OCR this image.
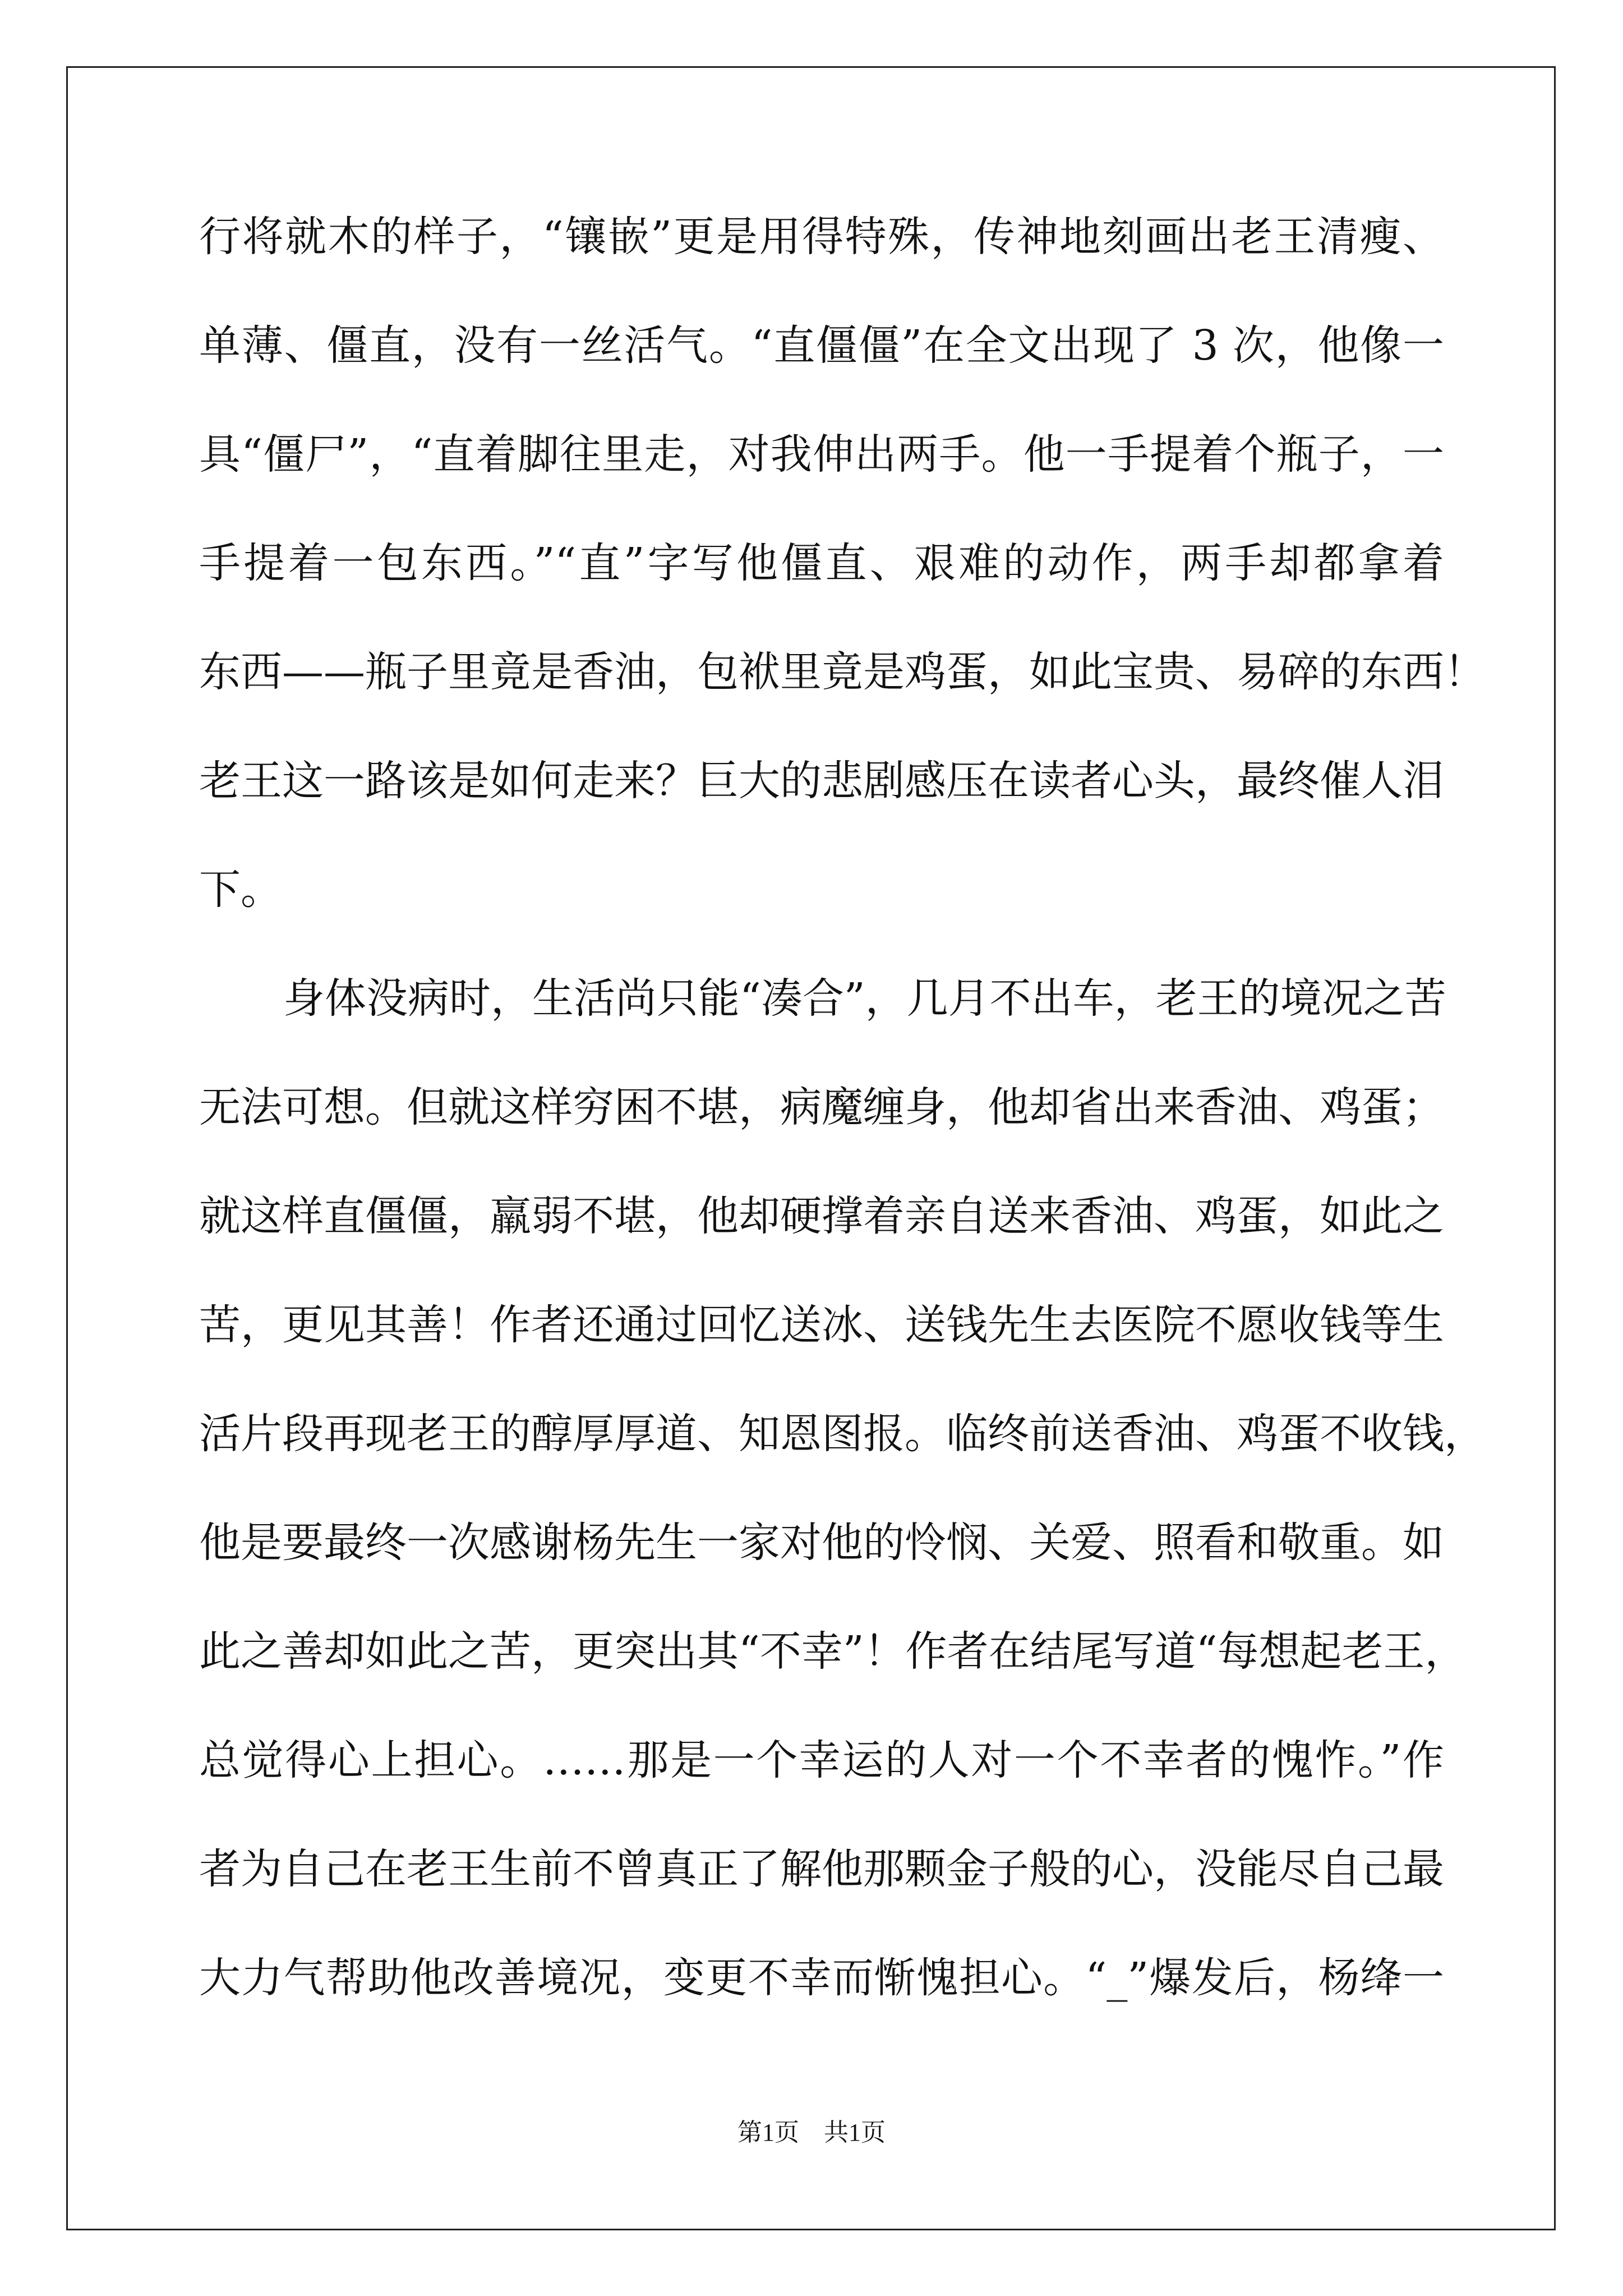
行将就木的样子，“镶嵌”更是用得特殊，传神地刻画出老王清瘦、
单薄、僵直，没有一丝活气。“直僵僵”在全文出现了 3 次，他像一
具“僵尸”，“直着脚往里走，对我伸出两手。他一手提着个瓶子，一
手提着一包东西。”“直”字写他僵直、艰难的动作，两手却都拿着
东西——瓶子里竟是香油，包袱里竟是鸡蛋，如此宝贵、易碎的东西！
老王这一路该是如何走来？巨大的悲剧感压在读者心头，最终催人泪
下。
身体没病时，生活尚只能“凑合”，几月不出车，老王的境况之苦
无法可想。但就这样穷困不堪，病魔缠身，他却省出来香油、鸡蛋；
就这样直僵僵，羸弱不堪，他却硬撑着亲自送来香油、鸡蛋，如此之
苦，更见其善！作者还通过回忆送冰、送钱先生去医院不愿收钱等生
活片段再现老王的醇厚厚道、知恩图报。临终前送香油、鸡蛋不收钱，
他是要最终一次感谢杨先生一家对他的怜悯、关爱、照看和敬重。如
此之善却如此之苦，更突出其“不幸”！作者在结尾写道“每想起老王，
总觉得心上担心。……那是一个幸运的人对一个不幸者的愧怍。”作
者为自己在老王生前不曾真正了解他那颗金子般的心，没能尽自己最
大力气帮助他改善境况，变更不幸而惭愧担心。“_”爆发后，杨绛一
第1页　共1页
